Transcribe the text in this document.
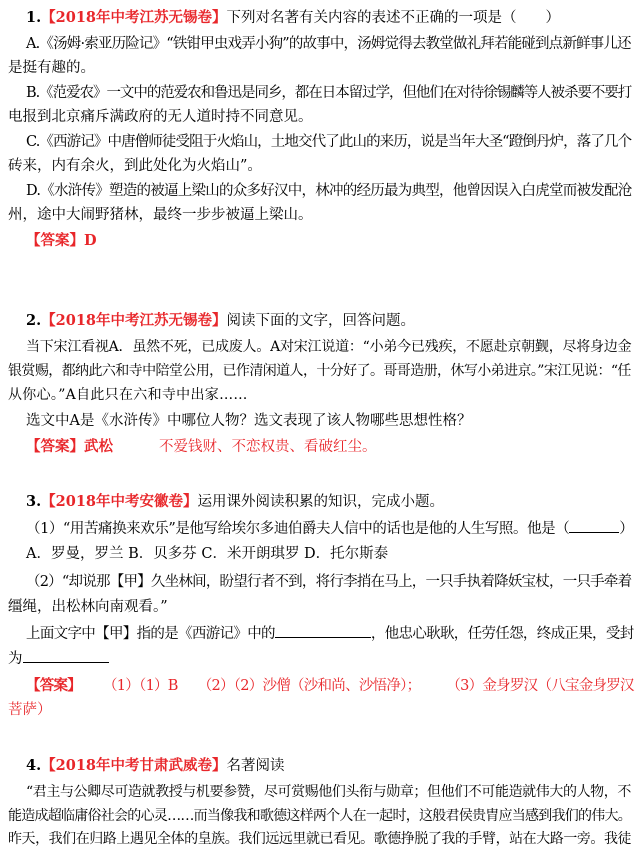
1.【2018年中考江苏无锡卷】下列对名著有关内容的表述不正确的一项是（　　）
A.《汤姆·索亚历险记》“铁钳甲虫戏弄小狗”的故事中，汤姆觉得去教堂做礼拜若能碰到点新鲜事儿还
是挺有趣的。
B.《范爱农》一文中的范爱农和鲁迅是同乡，都在日本留过学，但他们在对待徐锡麟等人被杀要不要打
电报到北京痛斥满政府的无人道时持不同意见。
C.《西游记》中唐僧师徒受阻于火焰山，土地交代了此山的来历，说是当年大圣“蹬倒丹炉，落了几个
砖来，内有余火，到此处化为火焰山”。
D.《水浒传》塑造的被逼上梁山的众多好汉中，林冲的经历最为典型，他曾因误入白虎堂而被发配沧
州，途中大闹野猪林，最终一步步被逼上梁山。
【答案】D
2.【2018年中考江苏无锡卷】阅读下面的文字，回答问题。
当下宋江看视A．虽然不死，已成废人。A对宋江说道：“小弟今已残疾，不愿赴京朝觐，尽将身边金
银赏赐，都纳此六和寺中陪堂公用，已作清闲道人，十分好了。哥哥造册，休写小弟进京。”宋江见说：“任
从你心。”A自此只在六和寺中出家……
选文中A是《水浒传》中哪位人物？选文表现了该人物哪些思想性格？
【答案】武松	不爱钱财、不恋权贵、看破红尘。
3.【2018年中考安徽卷】运用课外阅读积累的知识，完成小题。
（1）“用苦痛换来欢乐”是他写给埃尔多迪伯爵夫人信中的话也是他的人生写照。他是（	）
A．罗曼，罗兰 B．贝多芬 C．米开朗琪罗 D．托尔斯泰
（2）“却说那【甲】久坐林间，盼望行者不到，将行李捎在马上，一只手执着降妖宝杖，一只手牵着
缰绳，出松林向南观看。”
上面文字中【甲】指的是《西游记》中的	，他忠心耿耿，任劳任怨，终成正果，受封
为
【答案】 （1）（1）B （2）（2）沙僧（沙和尚、沙悟净）； （3）金身罗汉（八宝金身罗汉
菩萨）
4.【2018年中考甘肃武威卷】名著阅读
“君主与公卿尽可造就教授与机要参赞，尽可赏赐他们头衔与勋章；但他们不可能造就伟大的人物，不
能造成超临庸俗社会的心灵……而当像我和歌德这样两个人在一起时，这般君侯贵胄应当感到我们的伟大。
昨天，我们在归路上遇见全体的皇族。我们远远里就已看见。歌德挣脱了我的手臂，站在大路一旁。我徒
